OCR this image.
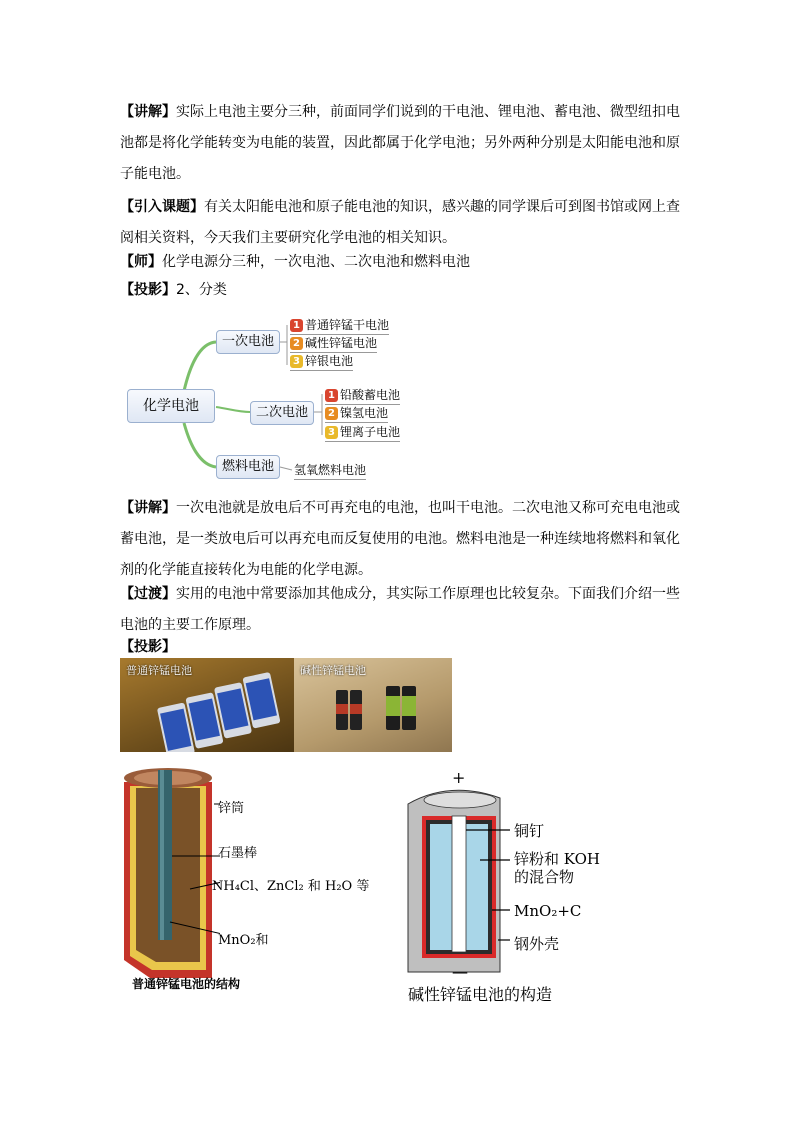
【讲解】实际上电池主要分三种，前面同学们说到的干电池、锂电池、蓄电池、微型纽扣电池都是将化学能转变为电能的装置，因此都属于化学电池；另外两种分别是太阳能电池和原子能电池。

【引入课题】有关太阳能电池和原子能电池的知识，感兴趣的同学课后可到图书馆或网上查阅相关资料，今天我们主要研究化学电池的相关知识。

【师】化学电源分三种，一次电池、二次电池和燃料电池

【投影】2、分类

化学电池
一次电池
二次电池
燃料电池
1 普通锌锰干电池
2 碱性锌锰电池
3 锌银电池
1 铅酸蓄电池
2 镍氢电池
3 锂离子电池
氢氧燃料电池

【讲解】一次电池就是放电后不可再充电的电池，也叫干电池。二次电池又称可充电电池或蓄电池，是一类放电后可以再充电而反复使用的电池。燃料电池是一种连续地将燃料和氧化剂的化学能直接转化为电能的化学电源。

【过渡】实用的电池中常要添加其他成分，其实际工作原理也比较复杂。下面我们介绍一些电池的主要工作原理。

【投影】

普通锌锰电池	碱性锌锰电池
锌筒
石墨棒
NH₄Cl、ZnCl₂ 和 H₂O 等
MnO₂和
普通锌锰电池的结构
+
—
铜钉
锌粉和 KOH
的混合物
MnO₂+C
钢外壳
碱性锌锰电池的构造
